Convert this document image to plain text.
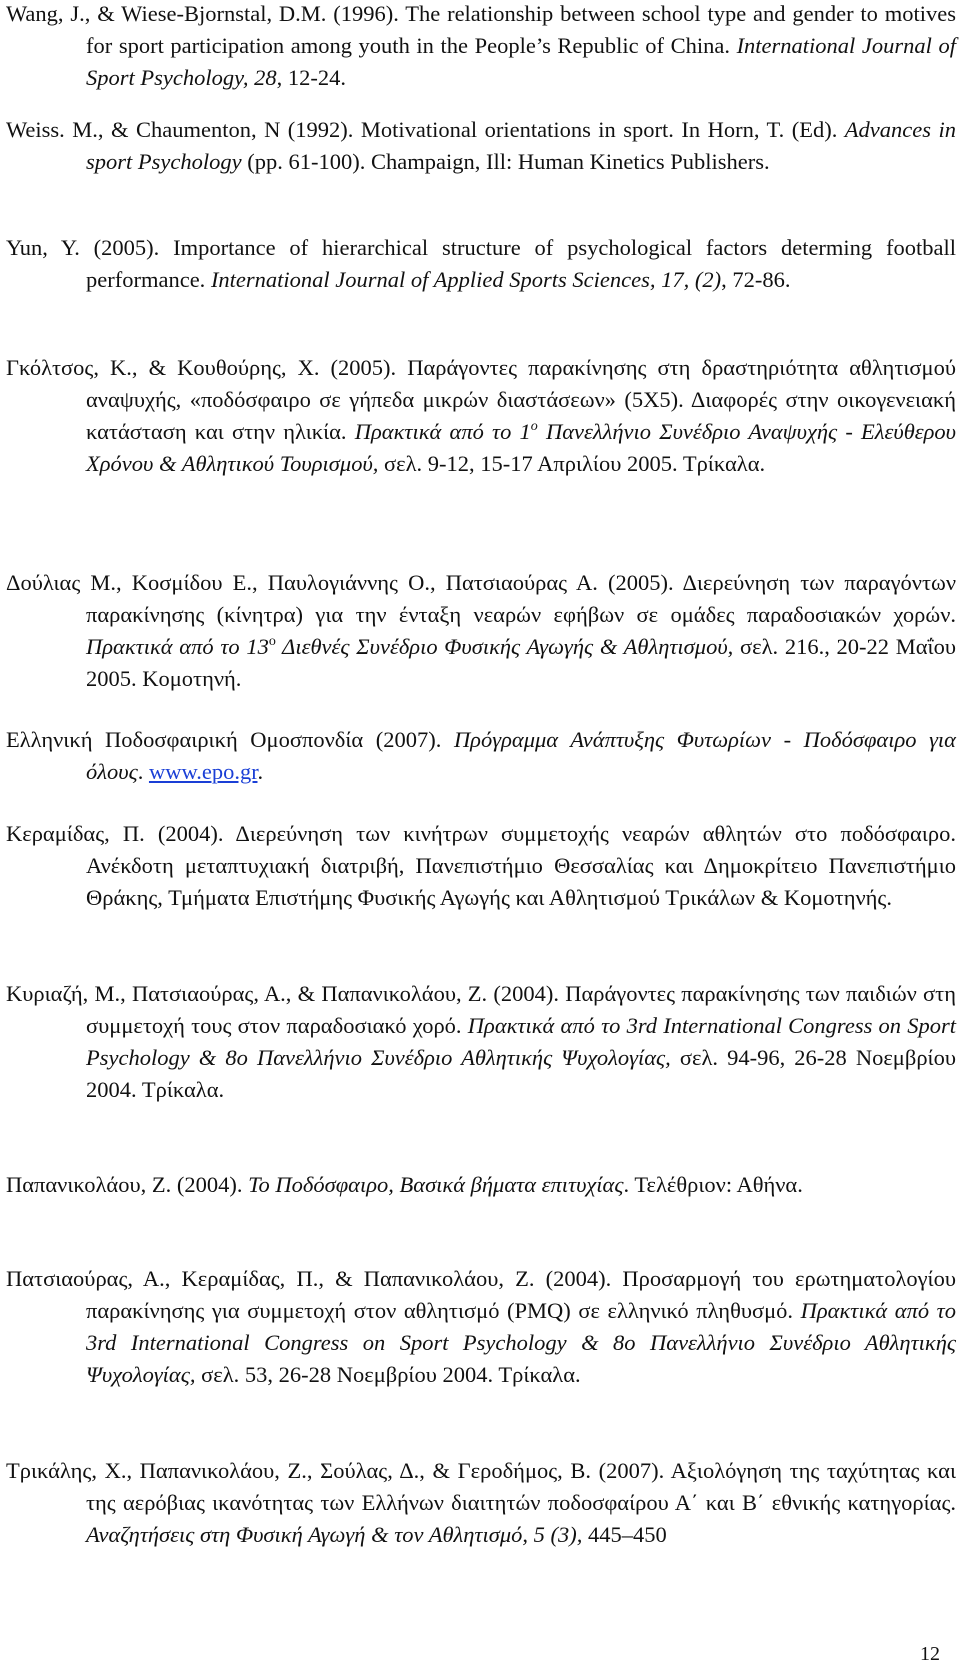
Wang, J., & Wiese-Bjornstal, D.M. (1996). The relationship between school type and gender to motives for sport participation among youth in the People’s Republic of China. International Journal of Sport Psychology, 28, 12-24.

Weiss. M., & Chaumenton, N (1992). Motivational orientations in sport. In Horn, T. (Ed). Advances in sport Psychology (pp. 61-100). Champaign, Ill: Human Kinetics Publishers.

Yun, Y. (2005). Importance of hierarchical structure of psychological factors determing football performance. International Journal of Applied Sports Sciences, 17, (2), 72-86.

Γκόλτσος, Κ., & Κουθούρης, Χ. (2005). Παράγοντες παρακίνησης στη δραστηριότητα αθλητισμού αναψυχής, «ποδόσφαιρο σε γήπεδα μικρών διαστάσεων» (5Χ5). Διαφορές στην οικογενειακή κατάσταση και στην ηλικία. Πρακτικά από το $1^o$ Πανελλήνιο Συνέδριο Αναψυχής - Ελεύθερου Χρόνου & Αθλητικού Τουρισμού, σελ. 9-12, 15-17 Απριλίου 2005. Τρίκαλα.

Δούλιας Μ., Κοσμίδου Ε., Παυλογιάννης Ο., Πατσιαούρας Α. (2005). Διερεύνηση των παραγόντων παρακίνησης (κίνητρα) για την ένταξη νεαρών εφήβων σε ομάδες παραδοσιακών χορών. Πρακτικά από το $13^o$ Διεθνές Συνέδριο Φυσικής Αγωγής & Αθλητισμού, σελ. 216., 20-22 Μαΐου 2005. Κομοτηνή.

Ελληνική Ποδοσφαιρική Ομοσπονδία (2007). Πρόγραμμα Ανάπτυξης Φυτωρίων - Ποδόσφαιρο για όλους. www.epo.gr.

Κεραμίδας, Π. (2004). Διερεύνηση των κινήτρων συμμετοχής νεαρών αθλητών στο ποδόσφαιρο. Ανέκδοτη μεταπτυχιακή διατριβή, Πανεπιστήμιο Θεσσαλίας και Δημοκρίτειο Πανεπιστήμιο Θράκης, Τμήματα Επιστήμης Φυσικής Αγωγής και Αθλητισμού Τρικάλων & Κομοτηνής.

Κυριαζή, Μ., Πατσιαούρας, Α., & Παπανικολάου, Ζ. (2004). Παράγοντες παρακίνησης των παιδιών στη συμμετοχή τους στον παραδοσιακό χορό. Πρακτικά από το 3rd International Congress on Sport Psychology & 8ο Πανελλήνιο Συνέδριο Αθλητικής Ψυχολογίας, σελ. 94-96, 26-28 Νοεμβρίου 2004. Τρίκαλα.

Παπανικολάου, Ζ. (2004). Το Ποδόσφαιρο, Βασικά βήματα επιτυχίας. Τελέθριον: Αθήνα.

Πατσιαούρας, Α., Κεραμίδας, Π., & Παπανικολάου, Ζ. (2004). Προσαρμογή του ερωτηματολογίου παρακίνησης για συμμετοχή στον αθλητισμό (PMQ) σε ελληνικό πληθυσμό. Πρακτικά από το 3rd International Congress on Sport Psychology & 8ο Πανελλήνιο Συνέδριο Αθλητικής Ψυχολογίας, σελ. 53, 26-28 Νοεμβρίου 2004. Τρίκαλα.

Τρικάλης, Χ., Παπανικολάου, Ζ., Σούλας, Δ., & Γεροδήμος, Β. (2007). Αξιολόγηση της ταχύτητας και της αερόβιας ικανότητας των Ελλήνων διαιτητών ποδοσφαίρου Α΄ και Β΄ εθνικής κατηγορίας. Αναζητήσεις στη Φυσική Αγωγή & τον Αθλητισμό, 5 (3), 445–450

12
